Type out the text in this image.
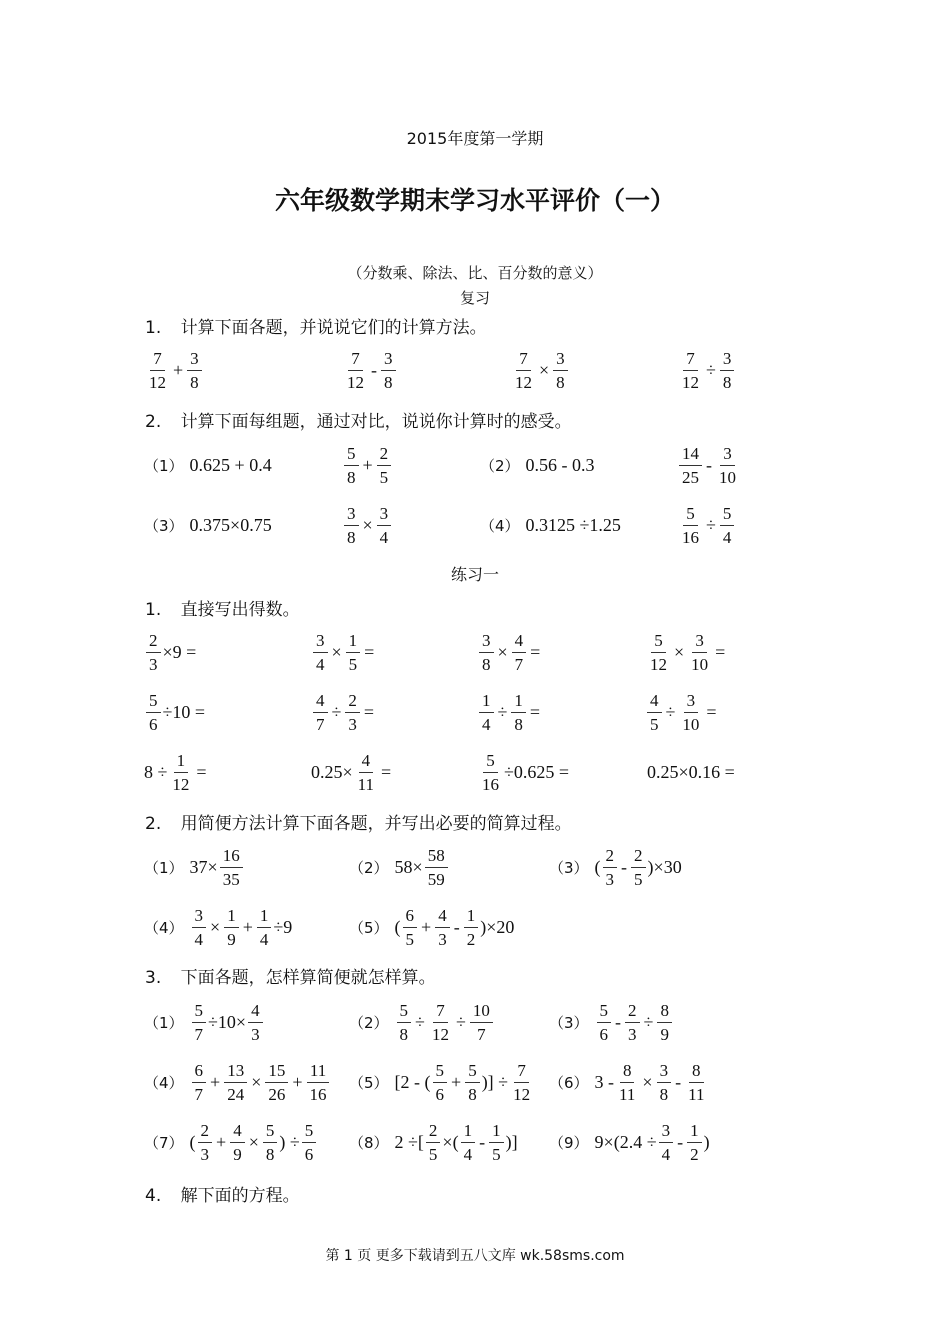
2015年度第一学期
六年级数学期末学习水平评价（一）
（分数乘、除法、比、百分数的意义）
复习
1. 计算下面各题，并说说它们的计算方法。
$\frac{7}{12} + \frac{3}{8}$	$\frac{7}{12} - \frac{3}{8}$	$\frac{7}{12} \times \frac{3}{8}$	$\frac{7}{12} \div \frac{3}{8}$
2. 计算下面每组题，通过对比，说说你计算时的感受。
（1） 0.625 + 0.4	$\frac{5}{8} + \frac{2}{5}$	（2） 0.56 - 0.3	$\frac{14}{25} - \frac{3}{10}$
（3） 0.375×0.75	$\frac{3}{8} \times \frac{3}{4}$	（4） 0.3125 ÷1.25	$\frac{5}{16} \div \frac{5}{4}$
练习一
1. 直接写出得数。
$\frac{2}{3} \times 9$ =	$\frac{3}{4} \times \frac{1}{5}$ =	$\frac{3}{8} \times \frac{4}{7}$ =	$\frac{5}{12} \times \frac{3}{10}$ =
$\frac{5}{6} \div 10$ =	$\frac{4}{7} \div \frac{2}{3}$ =	$\frac{1}{4} \div \frac{1}{8}$ =	$\frac{4}{5} \div \frac{3}{10}$ =
$8 \div \frac{1}{12}$ =	$0.25\times \frac{4}{11}$ =	$\frac{5}{16} \div 0.625$ =	0.25×0.16 =
2. 用简便方法计算下面各题，并写出必要的简算过程。
（1） $37\times \frac{16}{35}$	（2） $58\times \frac{58}{59}$	（3） ( $\frac{2}{3} - \frac{2}{5} )\times 30$
$(4) \frac{3}{4} \times \frac{1}{9} + \frac{1}{4} \div 9$	（5） ( $\frac{6}{5} + \frac{4}{3} - \frac{1}{2} )\times 20$
3. 下面各题，怎样算简便就怎样算。
$(1) \frac{5}{7} \div 10\times \frac{4}{3}$	$(2) \frac{5}{8} \div \frac{7}{12} \div \frac{10}{7}$	$(3) \frac{5}{6} - \frac{2}{3} \div \frac{8}{9}$
$(4) \frac{6}{7} + \frac{13}{24} \times \frac{15}{26} + \frac{11}{16} (5)$ [2 - ( $\frac{5}{6} + \frac{5}{8}$ )] ÷ $\frac{7}{12} (6)$ $3 - \frac{8}{11} \times \frac{3}{8} - \frac{8}{11}$
（7） ( $\frac{2}{3} + \frac{4}{9} \times \frac{5}{8}$ ) ÷ $\frac{5}{6} (8)$ 2 ÷[ $\frac{2}{5}$ ×( $\frac{1}{4} - \frac{1}{5}$ )] （9） $9\times(2.4 \div \frac{3}{4} - \frac{1}{2}$ )
4. 解下面的方程。
第 1 页 更多下载请到五八文库 wk.58sms.com
